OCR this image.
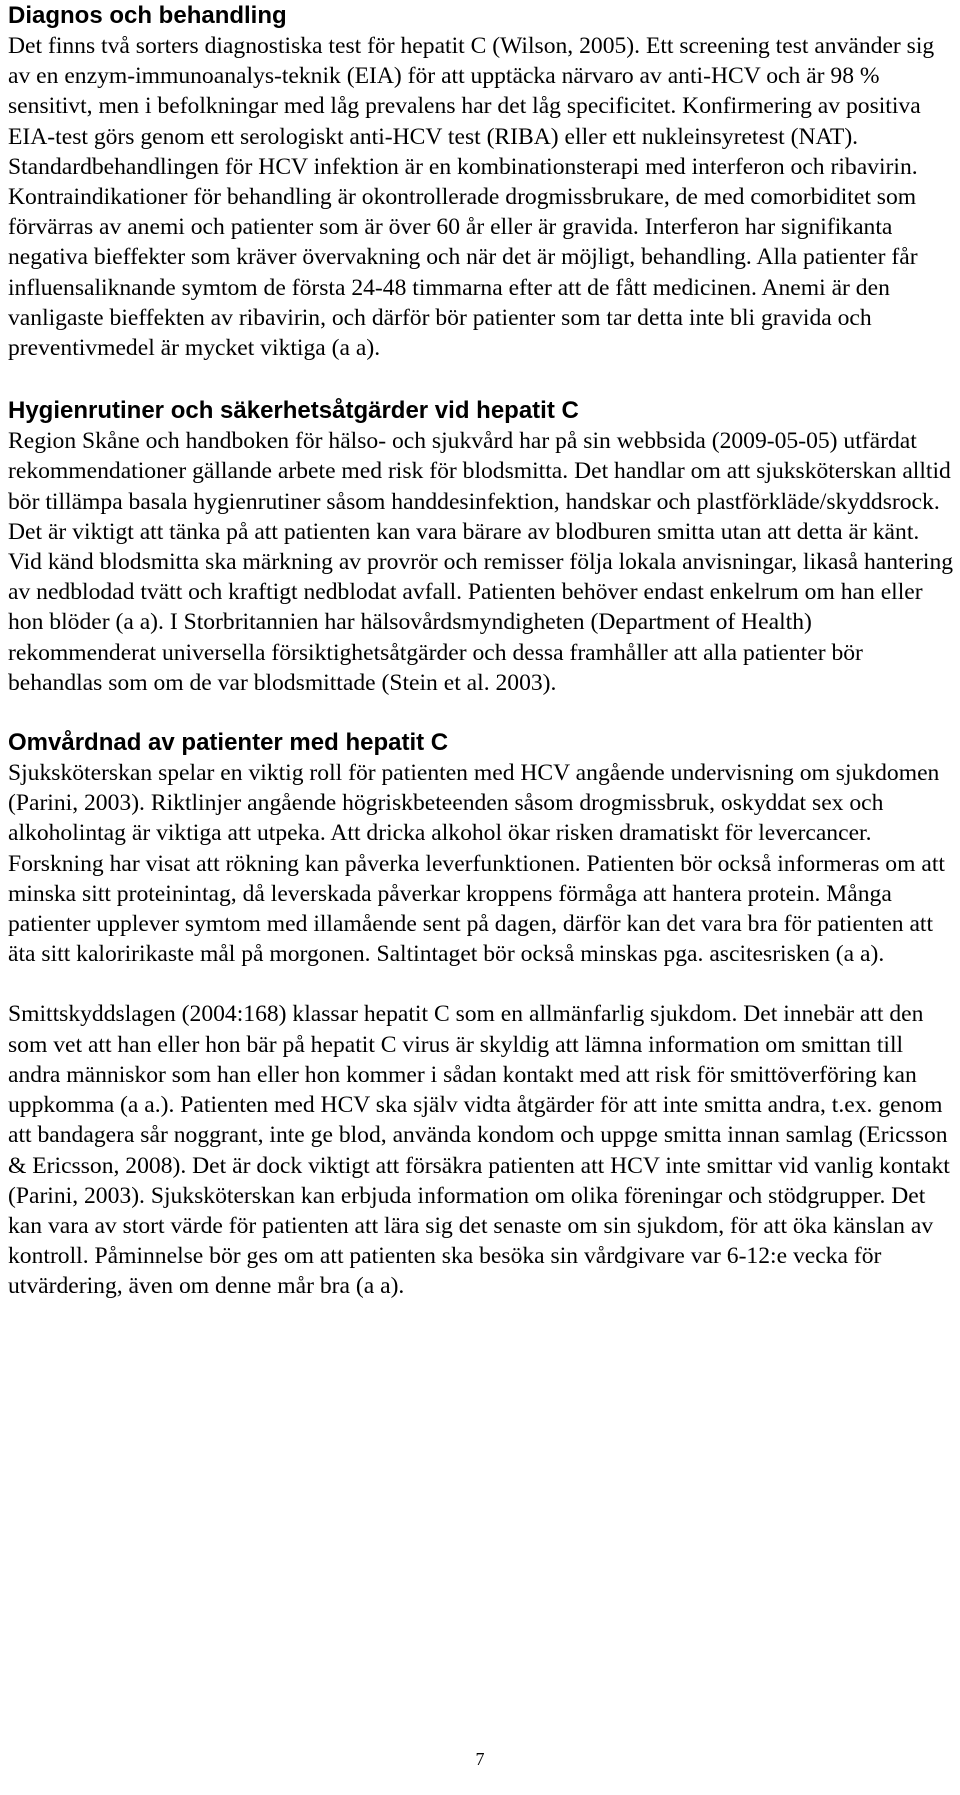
Diagnos och behandling

Det finns två sorters diagnostiska test för hepatit C (Wilson, 2005). Ett screening test använder sig av en enzym-immunoanalys-teknik (EIA) för att upptäcka närvaro av anti-HCV och är 98 % sensitivt, men i befolkningar med låg prevalens har det låg specificitet. Konfirmering av positiva EIA-test görs genom ett serologiskt anti-HCV test (RIBA) eller ett nukleinsyretest (NAT). Standardbehandlingen för HCV infektion är en kombinationsterapi med interferon och ribavirin. Kontraindikationer för behandling är okontrollerade drogmissbrukare, de med comorbiditet som förvärras av anemi och patienter som är över 60 år eller är gravida. Interferon har signifikanta negativa bieffekter som kräver övervakning och när det är möjligt, behandling. Alla patienter får influensaliknande symtom de första 24-48 timmarna efter att de fått medicinen. Anemi är den vanligaste bieffekten av ribavirin, och därför bör patienter som tar detta inte bli gravida och preventivmedel är mycket viktiga (a a).

Hygienrutiner och säkerhetsåtgärder vid hepatit C

Region Skåne och handboken för hälso- och sjukvård har på sin webbsida (2009-05-05) utfärdat rekommendationer gällande arbete med risk för blodsmitta. Det handlar om att sjuksköterskan alltid bör tillämpa basala hygienrutiner såsom handdesinfektion, handskar och plastförkläde/skyddsrock. Det är viktigt att tänka på att patienten kan vara bärare av blodburen smitta utan att detta är känt. Vid känd blodsmitta ska märkning av provrör och remisser följa lokala anvisningar, likaså hantering av nedblodad tvätt och kraftigt nedblodat avfall. Patienten behöver endast enkelrum om han eller hon blöder (a a). I Storbritannien har hälsovårdsmyndigheten (Department of Health) rekommenderat universella försiktighetsåtgärder och dessa framhåller att alla patienter bör behandlas som om de var blodsmittade (Stein et al. 2003).

Omvårdnad av patienter med hepatit C

Sjuksköterskan spelar en viktig roll för patienten med HCV angående undervisning om sjukdomen (Parini, 2003). Riktlinjer angående högriskbeteenden såsom drogmissbruk, oskyddat sex och alkoholintag är viktiga att utpeka. Att dricka alkohol ökar risken dramatiskt för levercancer. Forskning har visat att rökning kan påverka leverfunktionen. Patienten bör också informeras om att minska sitt proteinintag, då leverskada påverkar kroppens förmåga att hantera protein. Många patienter upplever symtom med illamående sent på dagen, därför kan det vara bra för patienten att äta sitt kaloririkaste mål på morgonen. Saltintaget bör också minskas pga. ascitesrisken (a a).

Smittskyddslagen (2004:168) klassar hepatit C som en allmänfarlig sjukdom. Det innebär att den som vet att han eller hon bär på hepatit C virus är skyldig att lämna information om smittan till andra människor som han eller hon kommer i sådan kontakt med att risk för smittöverföring kan uppkomma (a a.). Patienten med HCV ska själv vidta åtgärder för att inte smitta andra, t.ex. genom att bandagera sår noggrant, inte ge blod, använda kondom och uppge smitta innan samlag (Ericsson & Ericsson, 2008). Det är dock viktigt att försäkra patienten att HCV inte smittar vid vanlig kontakt (Parini, 2003). Sjuksköterskan kan erbjuda information om olika föreningar och stödgrupper. Det kan vara av stort värde för patienten att lära sig det senaste om sin sjukdom, för att öka känslan av kontroll. Påminnelse bör ges om att patienten ska besöka sin vårdgivare var 6-12:e vecka för utvärdering, även om denne mår bra (a a).

7
